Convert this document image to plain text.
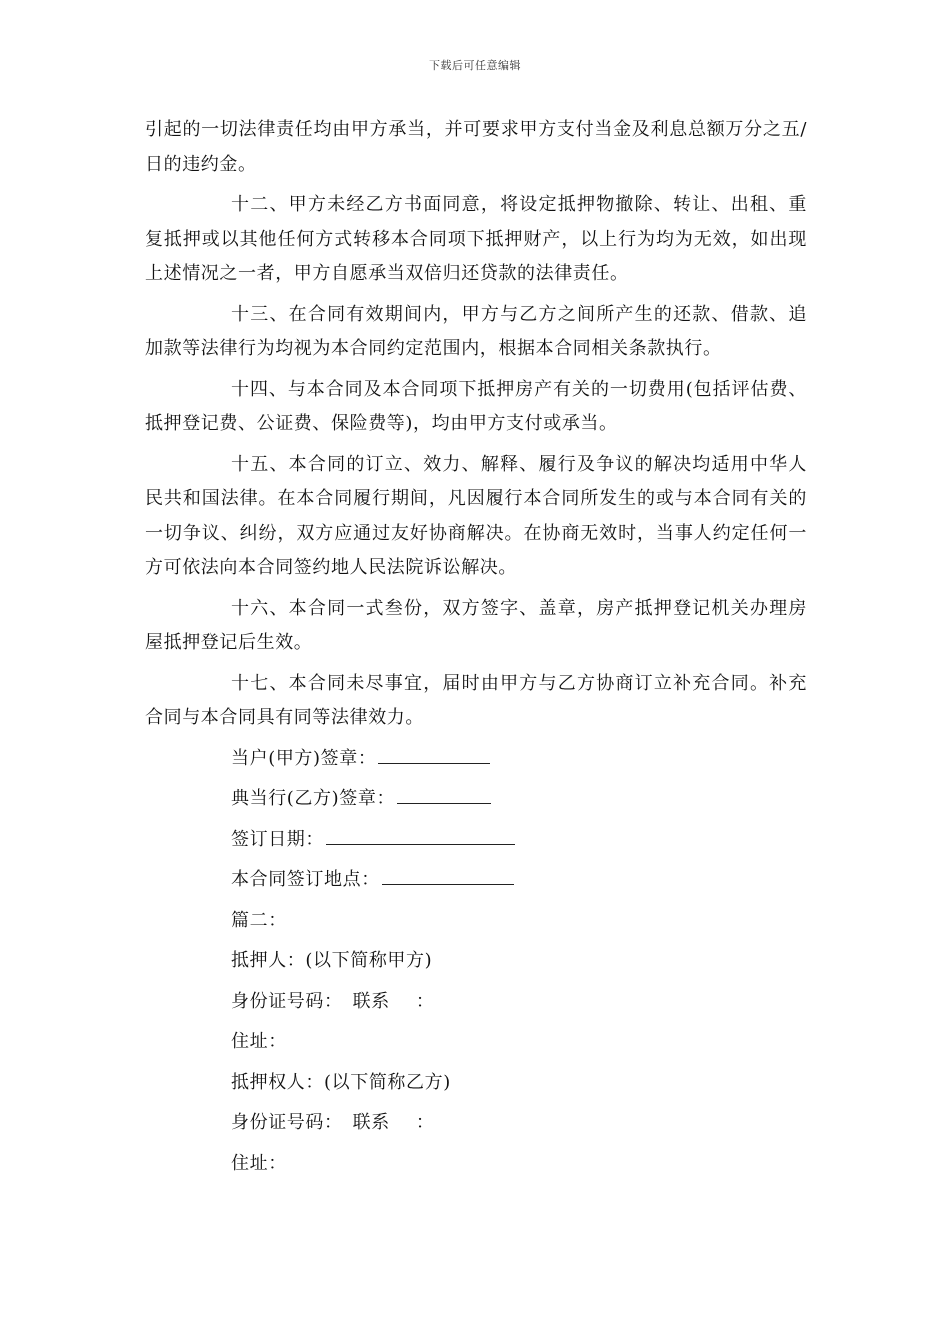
下载后可任意编辑

引起的一切法律责任均由甲方承当，并可要求甲方支付当金及利息总额万分之五/日的违约金。

十二、甲方未经乙方书面同意，将设定抵押物撤除、转让、出租、重复抵押或以其他任何方式转移本合同项下抵押财产，以上行为均为无效，如出现上述情况之一者，甲方自愿承当双倍归还贷款的法律责任。

十三、在合同有效期间内，甲方与乙方之间所产生的还款、借款、追加款等法律行为均视为本合同约定范围内，根据本合同相关条款执行。

十四、与本合同及本合同项下抵押房产有关的一切费用(包括评估费、抵押登记费、公证费、保险费等)，均由甲方支付或承当。

十五、本合同的订立、效力、解释、履行及争议的解决均适用中华人民共和国法律。在本合同履行期间，凡因履行本合同所发生的或与本合同有关的一切争议、纠纷，双方应通过友好协商解决。在协商无效时，当事人约定任何一方可依法向本合同签约地人民法院诉讼解决。

十六、本合同一式叁份，双方签字、盖章，房产抵押登记机关办理房屋抵押登记后生效。

十七、本合同未尽事宜，届时由甲方与乙方协商订立补充合同。补充合同与本合同具有同等法律效力。

当户(甲方)签章：
典当行(乙方)签章：
签订日期：
本合同签订地点：
篇二：
抵押人：(以下简称甲方)
身份证号码： 联系 ：
住址：
抵押权人：(以下简称乙方)
身份证号码： 联系 ：
住址：
